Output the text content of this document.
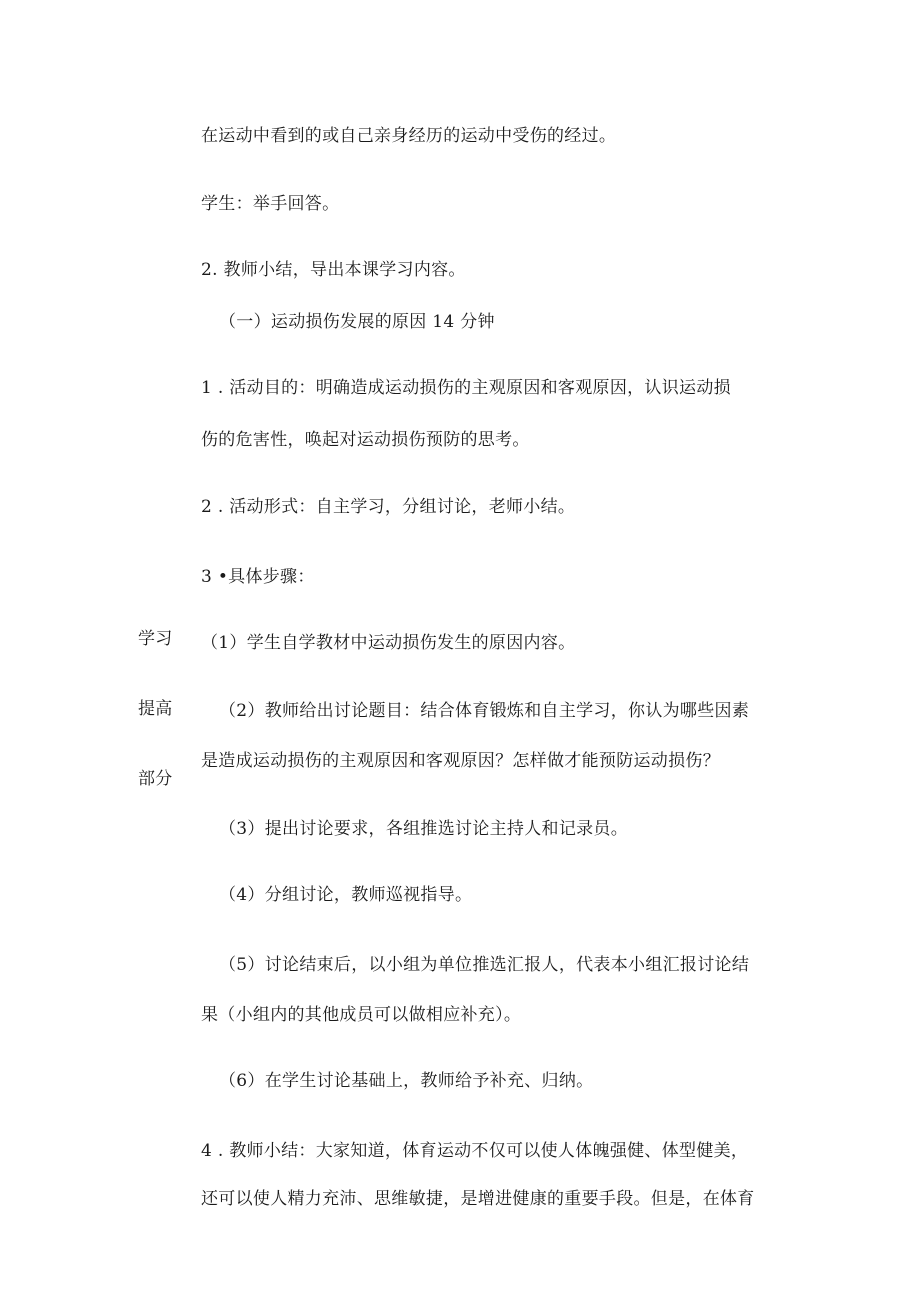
学习
提高
部分
在运动中看到的或自己亲身经历的运动中受伤的经过。
学生：举手回答。
2. 教师小结，导出本课学习内容。
（一）运动损伤发展的原因 14 分钟
1 . 活动目的：明确造成运动损伤的主观原因和客观原因，认识运动损
伤的危害性，唤起对运动损伤预防的思考。
2 . 活动形式：自主学习，分组讨论，老师小结。
3 •具体步骤：
（1）学生自学教材中运动损伤发生的原因内容。
（2）教师给出讨论题目：结合体育锻炼和自主学习，你认为哪些因素
是造成运动损伤的主观原因和客观原因？怎样做才能预防运动损伤？
（3）提出讨论要求，各组推选讨论主持人和记录员。
（4）分组讨论，教师巡视指导。
（5）讨论结束后，以小组为单位推选汇报人，代表本小组汇报讨论结
果（小组内的其他成员可以做相应补充）。
（6）在学生讨论基础上，教师给予补充、归纳。
4 . 教师小结：大家知道，体育运动不仅可以使人体魄强健、体型健美，
还可以使人精力充沛、思维敏捷，是增进健康的重要手段。但是，在体育
